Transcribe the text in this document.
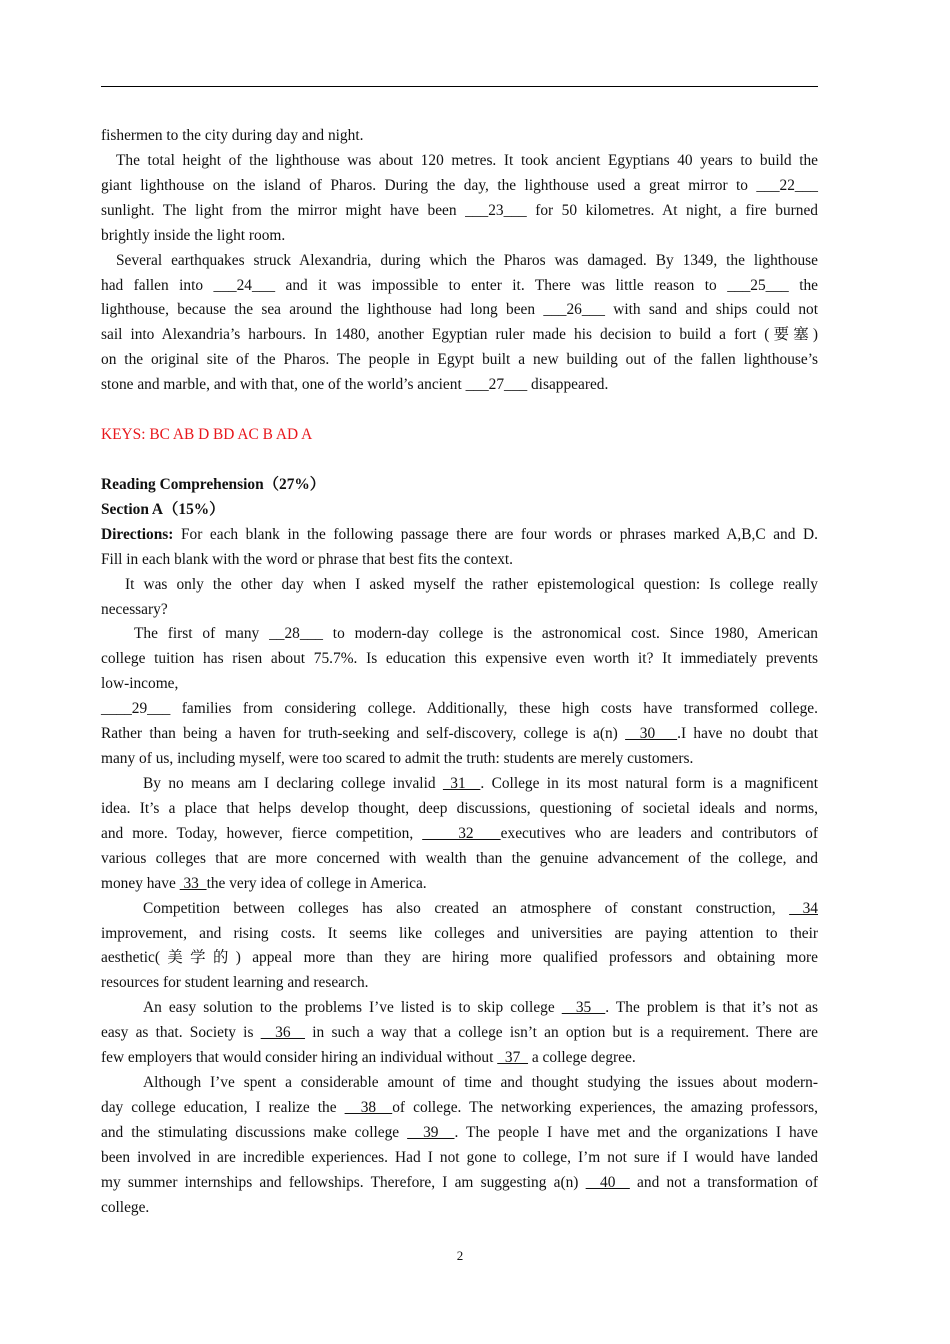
fishermen to the city during day and night.
The total height of the lighthouse was about 120 metres. It took ancient Egyptians 40 years to build the
giant lighthouse on the island of Pharos. During the day, the lighthouse used a great mirror to ___22___
sunlight. The light from the mirror might have been ___23___ for 50 kilometres. At night, a fire burned
brightly inside the light room.
Several earthquakes struck Alexandria, during which the Pharos was damaged. By 1349, the lighthouse
had fallen into ___24___ and it was impossible to enter it. There was little reason to ___25___ the
lighthouse, because the sea around the lighthouse had long been ___26___ with sand and ships could not
sail into Alexandria’s harbours. In 1480, another Egyptian ruler made his decision to build a fort (要塞)
on the original site of the Pharos. The people in Egypt built a new building out of the fallen lighthouse’s
stone and marble, and with that, one of the world’s ancient ___27___ disappeared.
KEYS: BC AB D BD AC B AD A
Reading Comprehension（27%）
Section A（15%）
Directions: For each blank in the following passage there are four words or phrases marked A,B,C and D.
Fill in each blank with the word or phrase that best fits the context.
It was only the other day when I asked myself the rather epistemological question: Is college really
necessary?
The first of many __28___ to modern-day college is the astronomical cost. Since 1980, American
college tuition has risen about 75.7%. Is education this expensive even worth it? It immediately prevents
low-income,
____29___ families from considering college. Additionally, these high costs have transformed college.
Rather than being a haven for truth-seeking and self-discovery, college is a(n)   30   .I have no doubt that
many of us, including myself, were too scared to admit the truth: students are merely customers.
By no means am I declaring college invalid  31  . College in its most natural form is a magnificent
idea. It’s a place that helps develop thought, deep discussions, questioning of societal ideals and norms,
and more. Today, however, fierce competition,     32   executives who are leaders and contributors of
various colleges that are more concerned with wealth than the genuine advancement of the college, and
money have  33  the very idea of college in America.
Competition between colleges has also created an atmosphere of constant construction,  34
improvement, and rising costs. It seems like colleges and universities are paying attention to their
aesthetic(美学的) appeal more than they are hiring more qualified professors and obtaining more
resources for student learning and research.
An easy solution to the problems I’ve listed is to skip college   35  . The problem is that it’s not as
easy as that. Society is   36   in such a way that a college isn’t an option but is a requirement. There are
few employers that would consider hiring an individual without   37   a college degree.
Although I’ve spent a considerable amount of time and thought studying the issues about modern-
day college education, I realize the   38  of college. The networking experiences, the amazing professors,
and the stimulating discussions make college   39  . The people I have met and the organizations I have
been involved in are incredible experiences. Had I not gone to college, I’m not sure if I would have landed
my summer internships and fellowships. Therefore, I am suggesting a(n)   40   and not a transformation of
college.
2
